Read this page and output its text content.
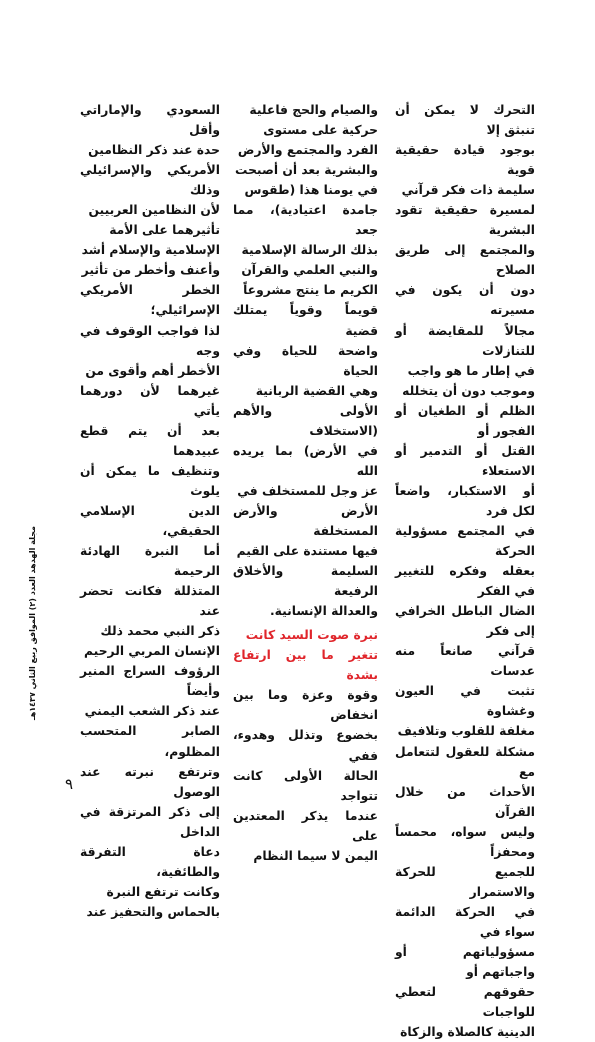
التحرك لا يمكن أن تنبثق إلا

بوجود قيادة حقيقية قوية

سليمة ذات فكر قرآني

لمسيرة حقيقية تقود البشرية

والمجتمع إلى طريق الصلاح

دون أن يكون في مسيرته

مجالاً للمقايضة أو للتنازلات

في إطار ما هو واجب

وموجب دون أن يتخلله

الظلم أو الطغيان أو الفجور أو

القتل أو التدمير أو الاستعلاء

أو الاستكبار، واضعاً لكل فرد

في المجتمع مسؤولية الحركة

بعقله وفكره للتغيير في الفكر

الضال الباطل الخرافي إلى فكر

قرآني صانعاً منه عدسات

تثبت في العيون وغشاوة

مغلفة للقلوب وتلافيف

مشكلة للعقول لتتعامل مع

الأحداث من خلال القرآن

وليس سواه، محمساً ومحفزاً

للجميع للحركة والاستمرار

في الحركة الدائمة سواء في

مسؤولياتهم أو واجباتهم أو

حقوقهم لتعطي للواجبات

الدينية كالصلاة والزكاة

والصيام والحج فاعلية

حركية على مستوى

الفرد والمجتمع والأرض

والبشرية بعد أن أصبحت

في يومنا هذا (طقوس

جامدة اعتيادية)، مما جعد

بذلك الرسالة الإسلامية

والنبي العلمي والقرآن

الكريم ما ينتج مشروعاً

قويماً وقوياً يمتلك قضية

واضحة للحياة وفي الحياة

وهي القضية الربانية

الأولى والأهم (الاستخلاف

في الأرض) بما يريده الله

عز وجل للمستخلف في

الأرض والأرض المستخلفة

فيها مستندة على القيم

السليمة والأخلاق الرفيعة

والعدالة الإنسانية.

نبرة صوت السيد كانت

تتغير ما بين ارتفاع بشدة

وقوة وعزة وما بين انخفاض

بخضوع وتذلل وهدوء، ففي

الحالة الأولى كانت تتواجد

عندما يذكر المعتدين على

اليمن لا سيما النظام

السعودي والإماراتي وأقل

حدة عند ذكر النظامين

الأمريكي والإسرائيلي وذلك

لأن النظامين العربيين

تأثيرهما على الأمة

الإسلامية والإسلام أشد

وأعنف وأخطر من تأثير

الخطر الأمريكي الإسرائيلي؛

لذا فواجب الوقوف في وجه

الأخطر أهم وأقوى من

غيرهما لأن دورهما يأتي

بعد أن يتم قطع عبيدهما

وتنظيف ما يمكن أن يلوث

الدين الإسلامي الحقيقي،

أما النبرة الهادئة الرحيمة

المتذللة فكانت تحضر عند

ذكر النبي محمد ذلك

الإنسان المربي الرحيم

الرؤوف السراج المنير وأيضاً

عند ذكر الشعب اليمني

الصابر المتحسب المظلوم،

وترتفع نبرته عند الوصول

إلى ذكر المرتزقة في الداخل

دعاة التفرقة والطائفية،

وكانت ترتفع النبرة

بالحماس والتحفيز عند

مجلة الهدهد العدد (٢) الموافق ربيع الثاني ١٤٣٧هـ
٩
